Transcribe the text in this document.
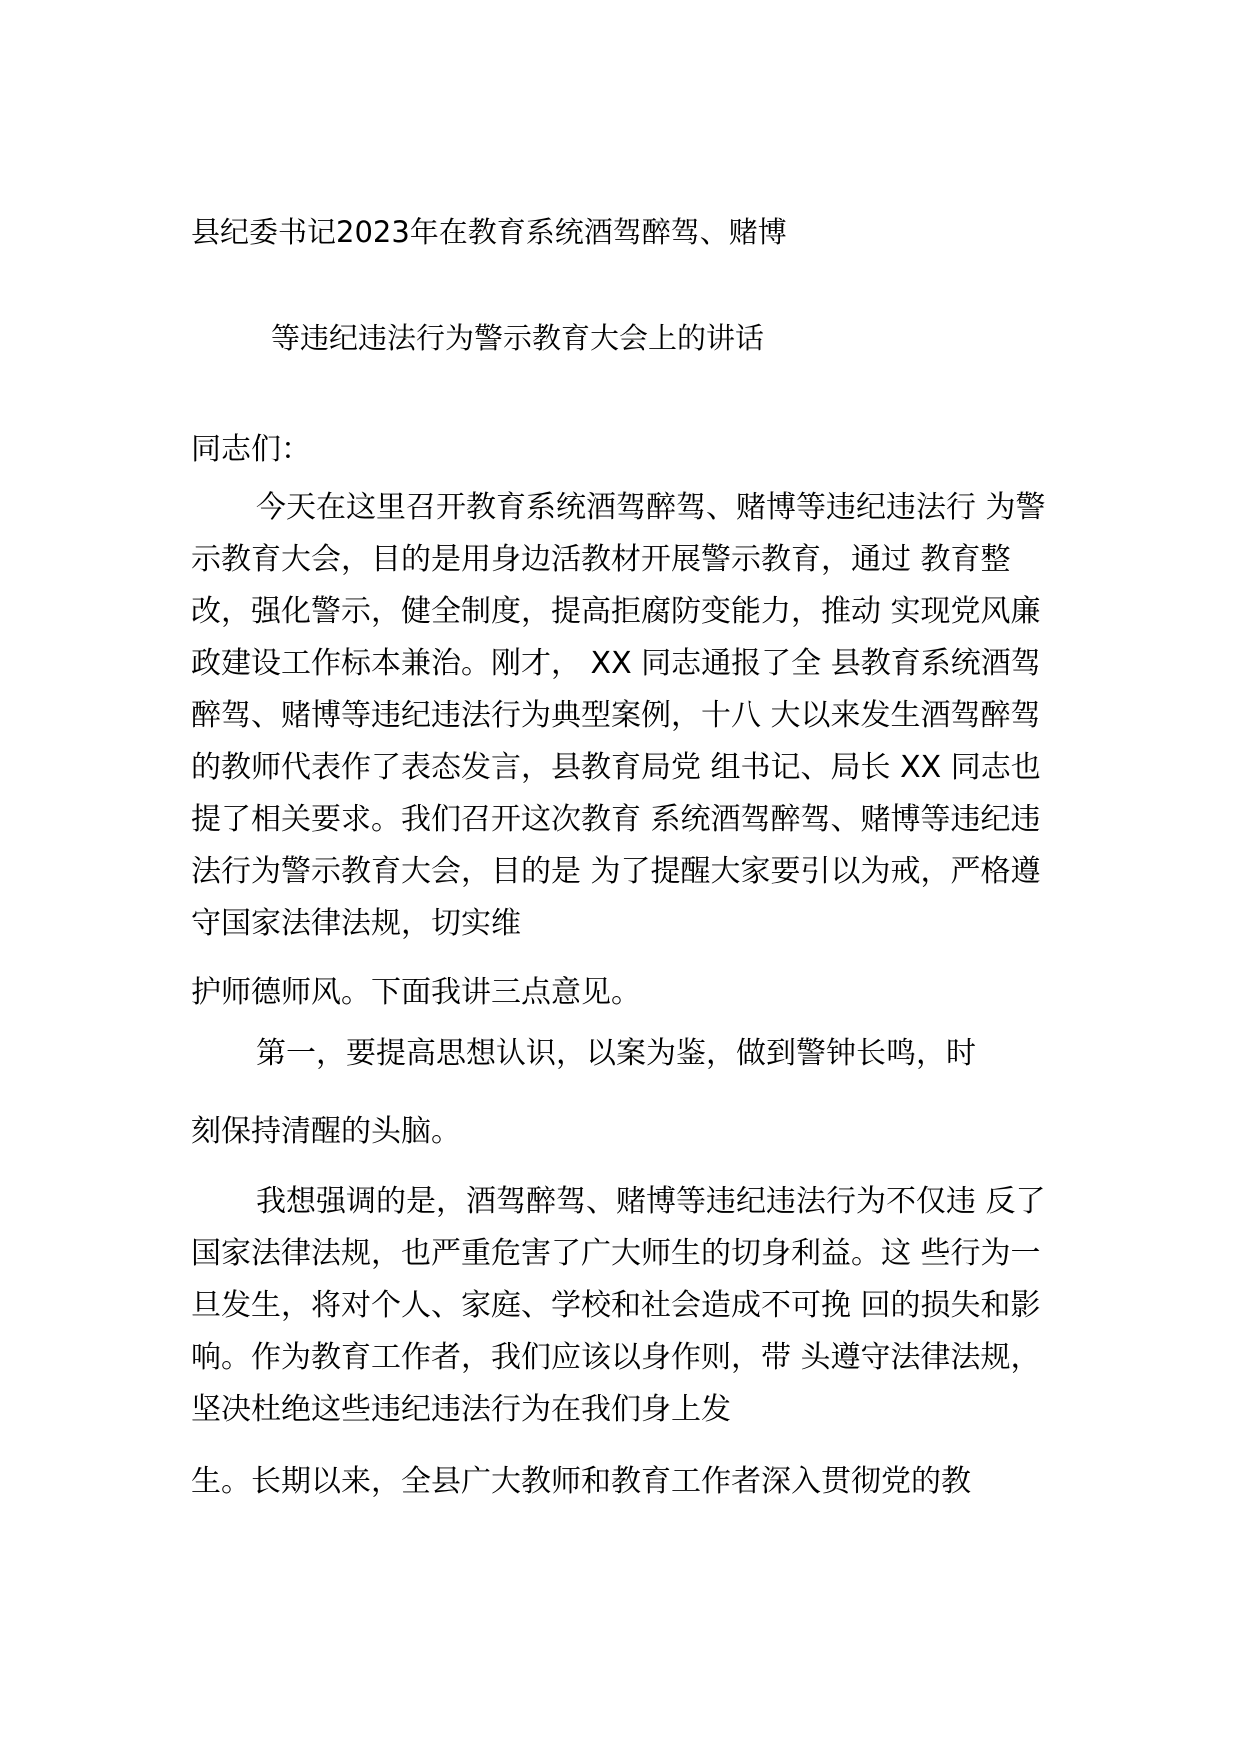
县纪委书记2023年在教育系统酒驾醉驾、赌博

等违纪违法行为警示教育大会上的讲话

同志们：

今天在这里召开教育系统酒驾醉驾、赌博等违纪违法行 为警

示教育大会，目的是用身边活教材开展警示教育，通过 教育整

改，强化警示，健全制度，提高拒腐防变能力，推动 实现党风廉

政建设工作标本兼治。刚才， XX 同志通报了全 县教育系统酒驾

醉驾、赌博等违纪违法行为典型案例，十八 大以来发生酒驾醉驾

的教师代表作了表态发言，县教育局党 组书记、局长 XX 同志也

提了相关要求。我们召开这次教育 系统酒驾醉驾、赌博等违纪违

法行为警示教育大会，目的是 为了提醒大家要引以为戒，严格遵

守国家法律法规，切实维

护师德师风。下面我讲三点意见。

第一，要提高思想认识，以案为鉴，做到警钟长鸣，时

刻保持清醒的头脑。

我想强调的是，酒驾醉驾、赌博等违纪违法行为不仅违 反了

国家法律法规，也严重危害了广大师生的切身利益。这 些行为一

旦发生，将对个人、家庭、学校和社会造成不可挽 回的损失和影

响。作为教育工作者，我们应该以身作则，带 头遵守法律法规，

坚决杜绝这些违纪违法行为在我们身上发

生。长期以来，全县广大教师和教育工作者深入贯彻党的教
